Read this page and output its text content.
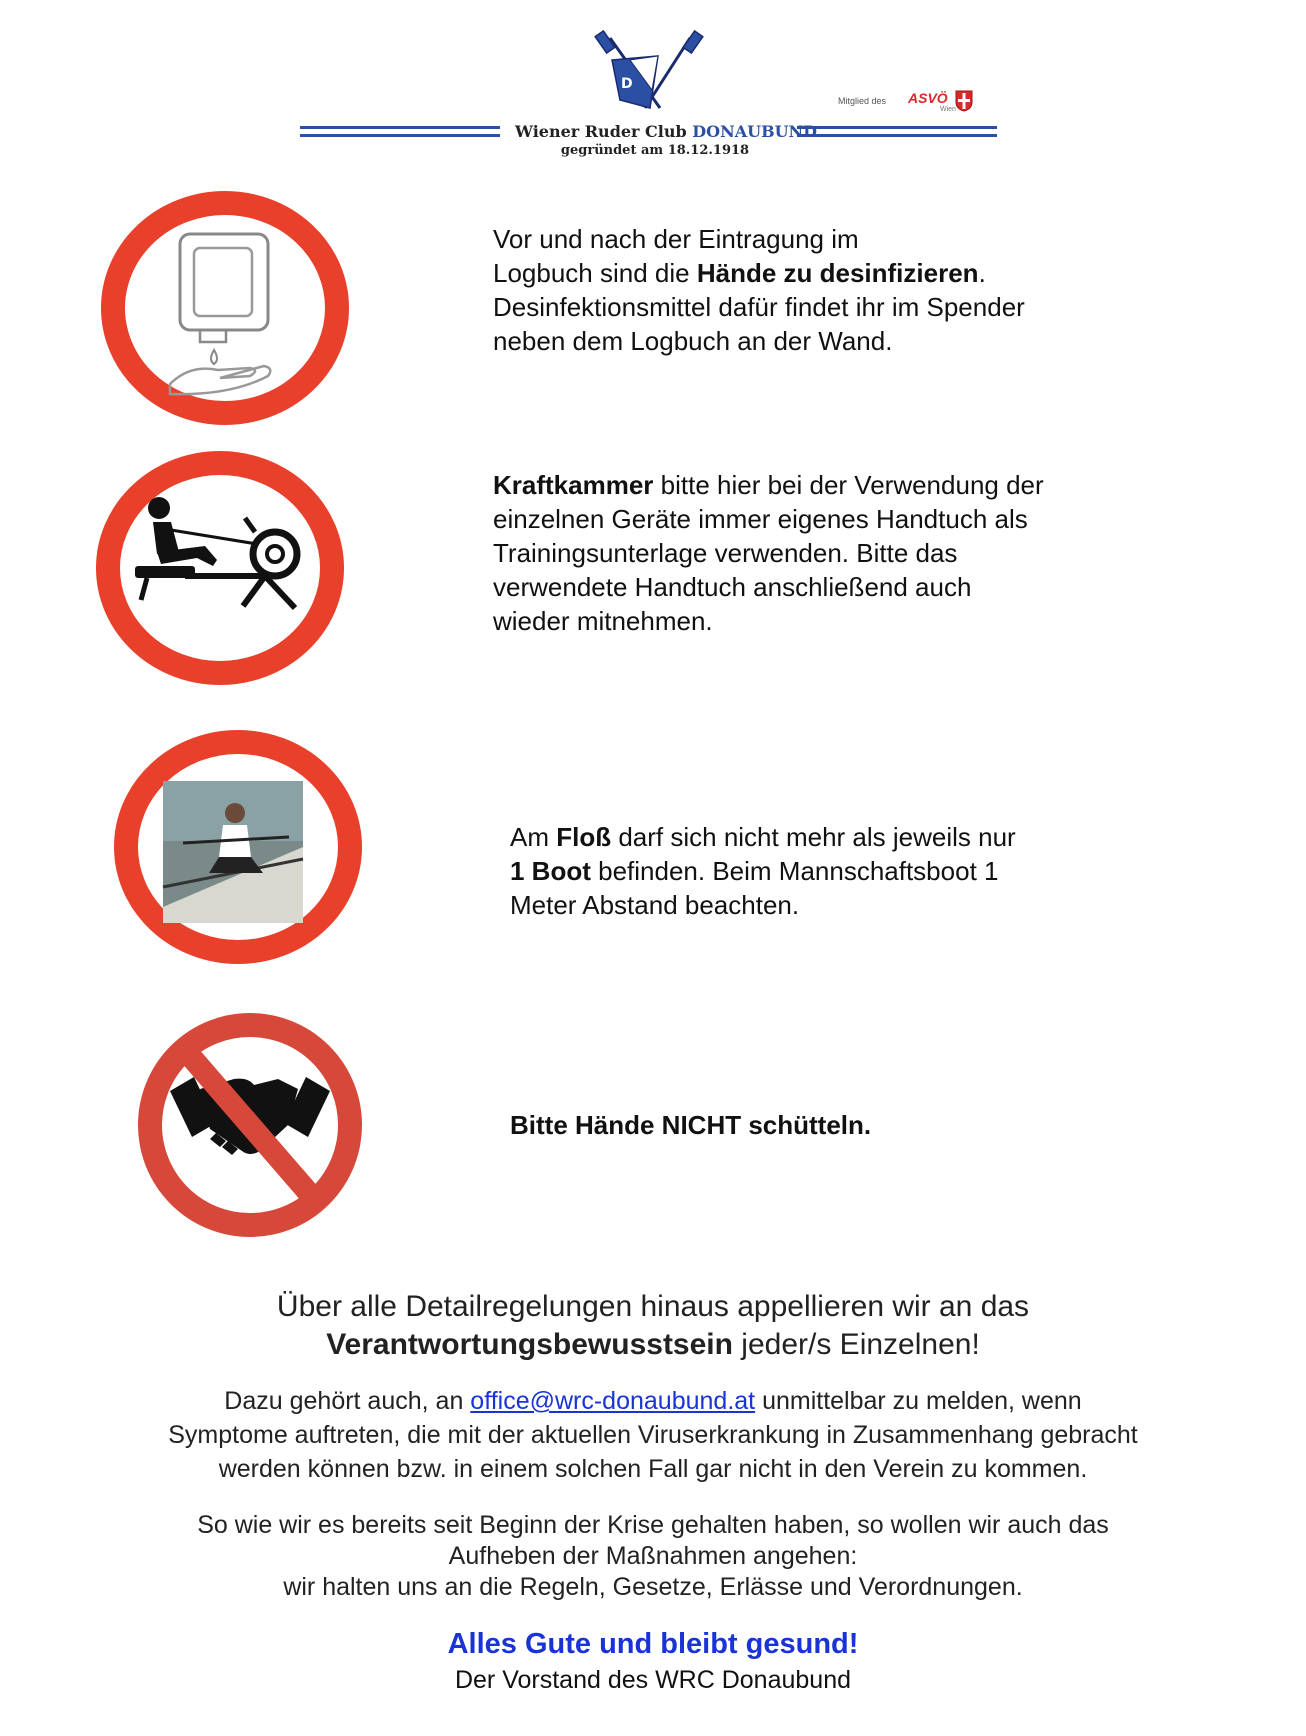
D
Wiener Ruder Club DONAUBUND
gegründet am 18.12.1918
Mitglied des ASVÖ
Wien
Vor und nach der Eintragung im
Logbuch sind die Hände zu desinfizieren.
Desinfektionsmittel dafür findet ihr im Spender
neben dem Logbuch an der Wand.
Kraftkammer bitte hier bei der Verwendung der
einzelnen Geräte immer eigenes Handtuch als
Trainingsunterlage verwenden. Bitte das
verwendete Handtuch anschließend auch
wieder mitnehmen.
Am Floß darf sich nicht mehr als jeweils nur
1 Boot befinden. Beim Mannschaftsboot 1
Meter Abstand beachten.
Bitte Hände NICHT schütteln.
Über alle Detailregelungen hinaus appellieren wir an das
Verantwortungsbewusstsein jeder/s Einzelnen!
Dazu gehört auch, an office@wrc-donaubund.at unmittelbar zu melden, wenn
Symptome auftreten, die mit der aktuellen Viruserkrankung in Zusammenhang gebracht
werden können bzw. in einem solchen Fall gar nicht in den Verein zu kommen.
So wie wir es bereits seit Beginn der Krise gehalten haben, so wollen wir auch das
Aufheben der Maßnahmen angehen:
wir halten uns an die Regeln, Gesetze, Erlässe und Verordnungen.
Alles Gute und bleibt gesund!
Der Vorstand des WRC Donaubund
